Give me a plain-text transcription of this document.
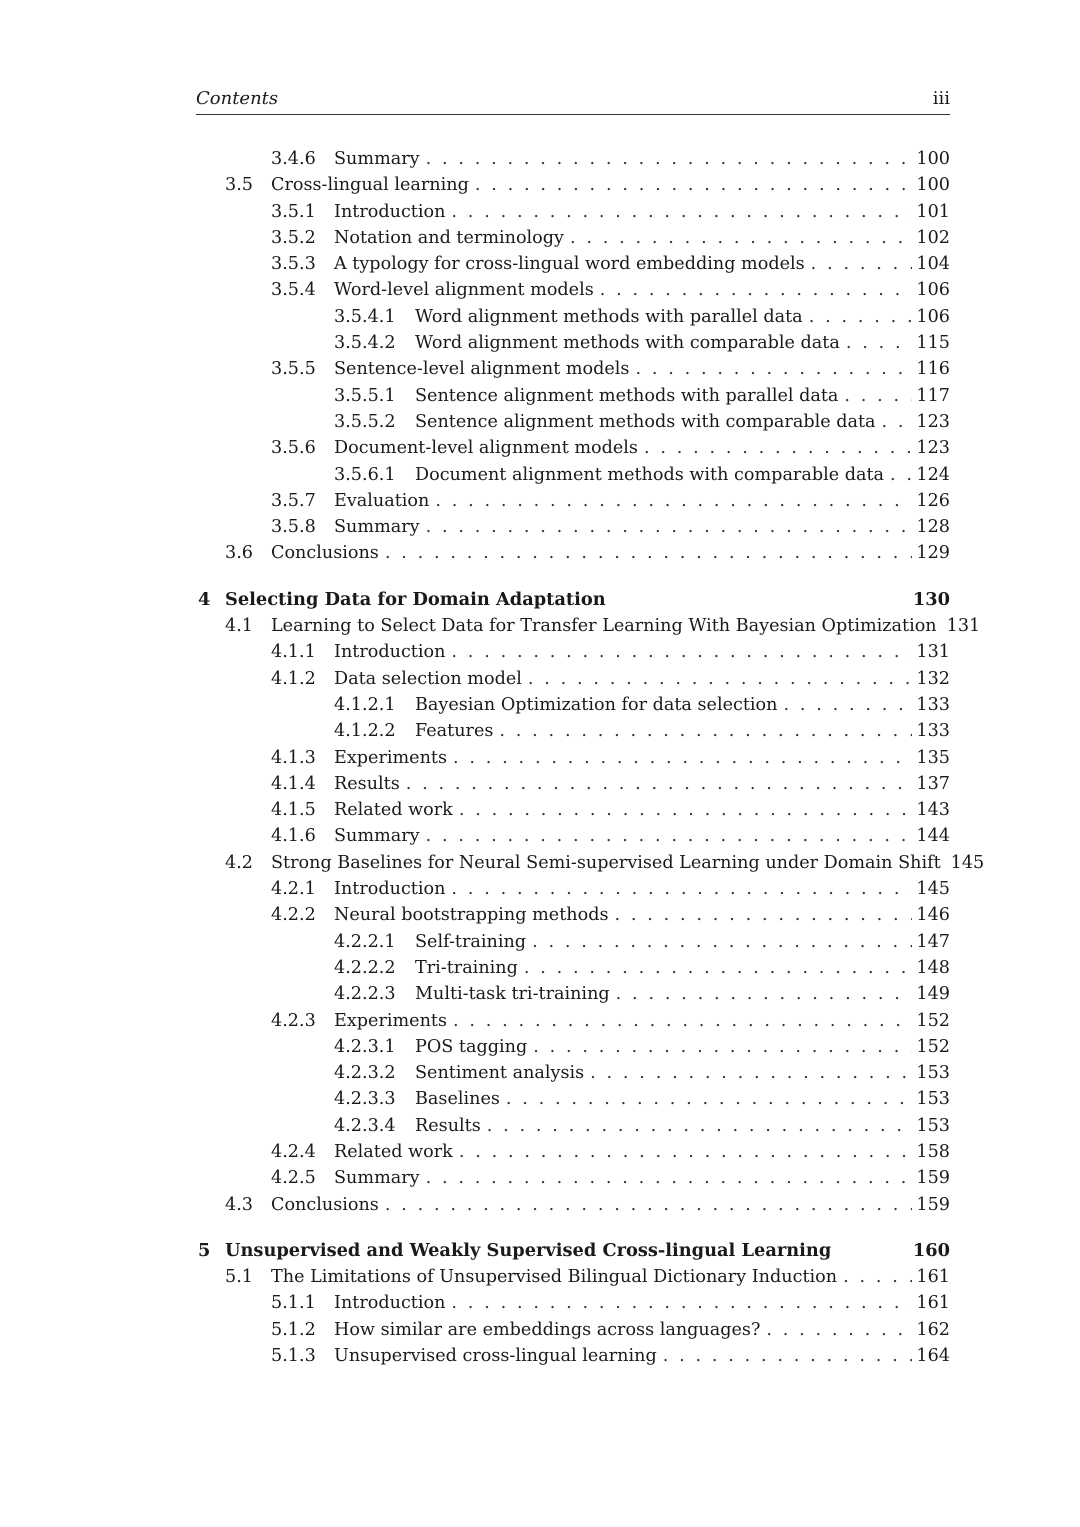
Contents	iii
3.4.6 Summary . . .	100
3.5 Cross-lingual learning . . .	100
3.5.1 Introduction . . .	101
3.5.2 Notation and terminology . . .	102
3.5.3 A typology for cross-lingual word embedding models . . .	104
3.5.4 Word-level alignment models . . .	106
3.5.4.1 Word alignment methods with parallel data . . .	106
3.5.4.2 Word alignment methods with comparable data . . .	115
3.5.5 Sentence-level alignment models . . .	116
3.5.5.1 Sentence alignment methods with parallel data . . .	117
3.5.5.2 Sentence alignment methods with comparable data . . .	123
3.5.6 Document-level alignment models . . .	123
3.5.6.1 Document alignment methods with comparable data . . .	124
3.5.7 Evaluation . . .	126
3.5.8 Summary . . .	128
3.6 Conclusions . . .	129
4 Selecting Data for Domain Adaptation	130
4.1 Learning to Select Data for Transfer Learning With Bayesian Optimization 131
4.1.1 Introduction . . .	131
4.1.2 Data selection model . . .	132
4.1.2.1 Bayesian Optimization for data selection . . .	133
4.1.2.2 Features . . .	133
4.1.3 Experiments . . .	135
4.1.4 Results . . .	137
4.1.5 Related work . . .	143
4.1.6 Summary . . .	144
4.2 Strong Baselines for Neural Semi-supervised Learning under Domain Shift 145
4.2.1 Introduction . . .	145
4.2.2 Neural bootstrapping methods . . .	146
4.2.2.1 Self-training . . .	147
4.2.2.2 Tri-training . . .	148
4.2.2.3 Multi-task tri-training . . .	149
4.2.3 Experiments . . .	152
4.2.3.1 POS tagging . . .	152
4.2.3.2 Sentiment analysis . . .	153
4.2.3.3 Baselines . . .	153
4.2.3.4 Results . . .	153
4.2.4 Related work . . .	158
4.2.5 Summary . . .	159
4.3 Conclusions . . .	159
5 Unsupervised and Weakly Supervised Cross-lingual Learning	160
5.1 The Limitations of Unsupervised Bilingual Dictionary Induction . . .	161
5.1.1 Introduction . . .	161
5.1.2 How similar are embeddings across languages? . . .	162
5.1.3 Unsupervised cross-lingual learning . . .	164
